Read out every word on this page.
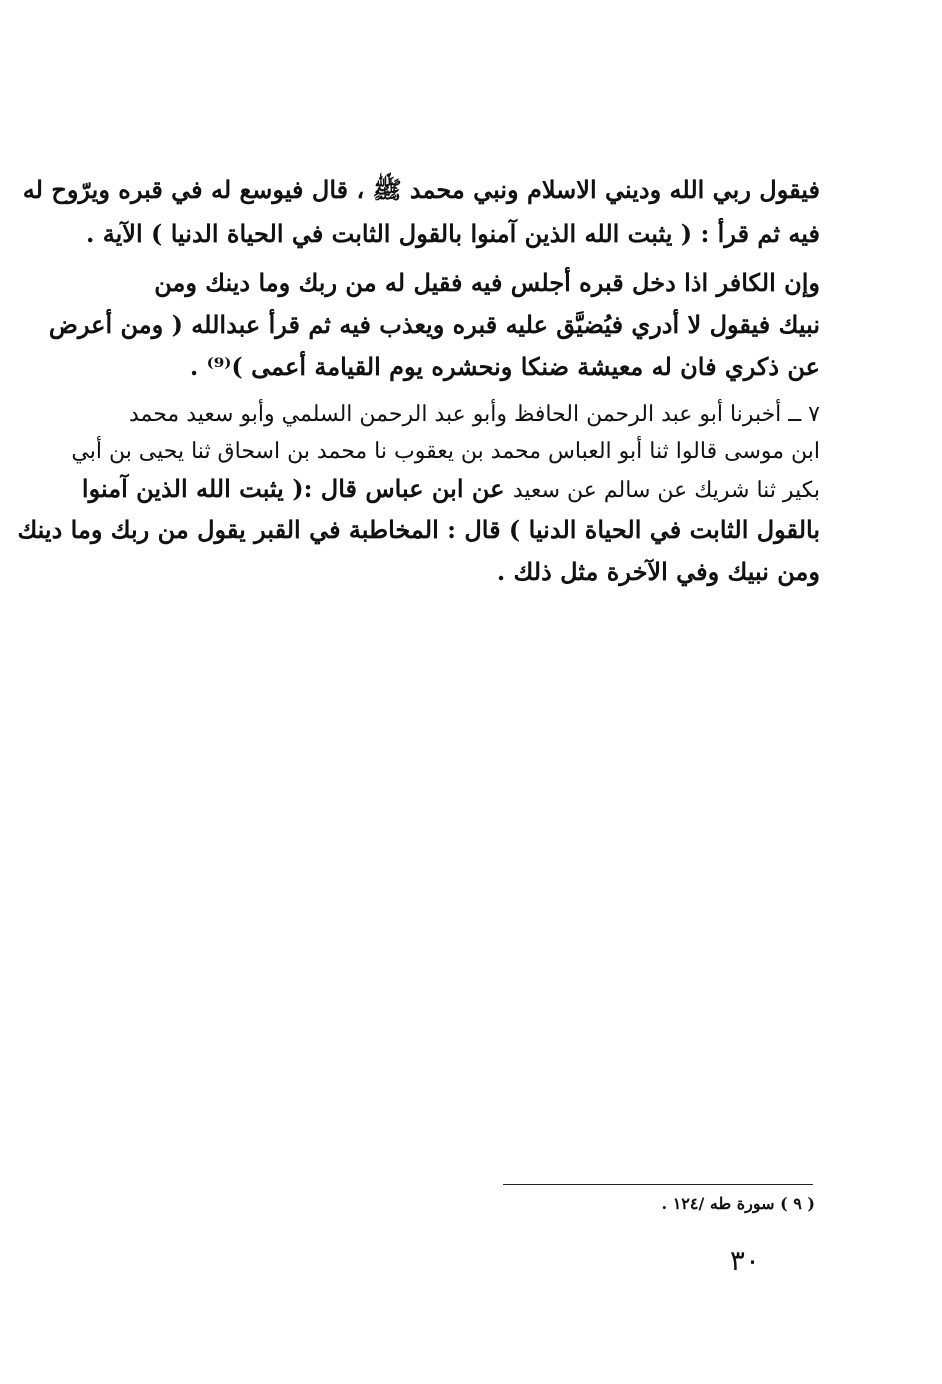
فيقول ربي الله وديني الاسلام ونبي محمد ﷺ ، قال فيوسع له في قبره ويرّوح له
فيه ثم قرأ : ( يثبت الله الذين آمنوا بالقول الثابت في الحياة الدنيا ) الآية .
وإن الكافر اذا دخل قبره أجلس فيه فقيل له من ربك وما دينك ومن
نبيك فيقول لا أدري فيُضيَّق عليه قبره ويعذب فيه ثم قرأ عبدالله ( ومن أعرض
عن ذكري فان له معيشة ضنكا ونحشره يوم القيامة أعمى )⁽⁹⁾ .
٧ ــ أخبرنا أبو عبد الرحمن الحافظ وأبو عبد الرحمن السلمي وأبو سعيد محمد
ابن موسى قالوا ثنا أبو العباس محمد بن يعقوب نا محمد بن اسحاق ثنا يحيى بن أبي
بكير ثنا شريك عن سالم عن سعيد عن ابن عباس قال :( يثبت الله الذين آمنوا
بالقول الثابت في الحياة الدنيا ) قال : المخاطبة في القبر يقول من ربك وما دينك
ومن نبيك وفي الآخرة مثل ذلك .
( ٩ ) سورة طه /١٢٤ .
٣٠
